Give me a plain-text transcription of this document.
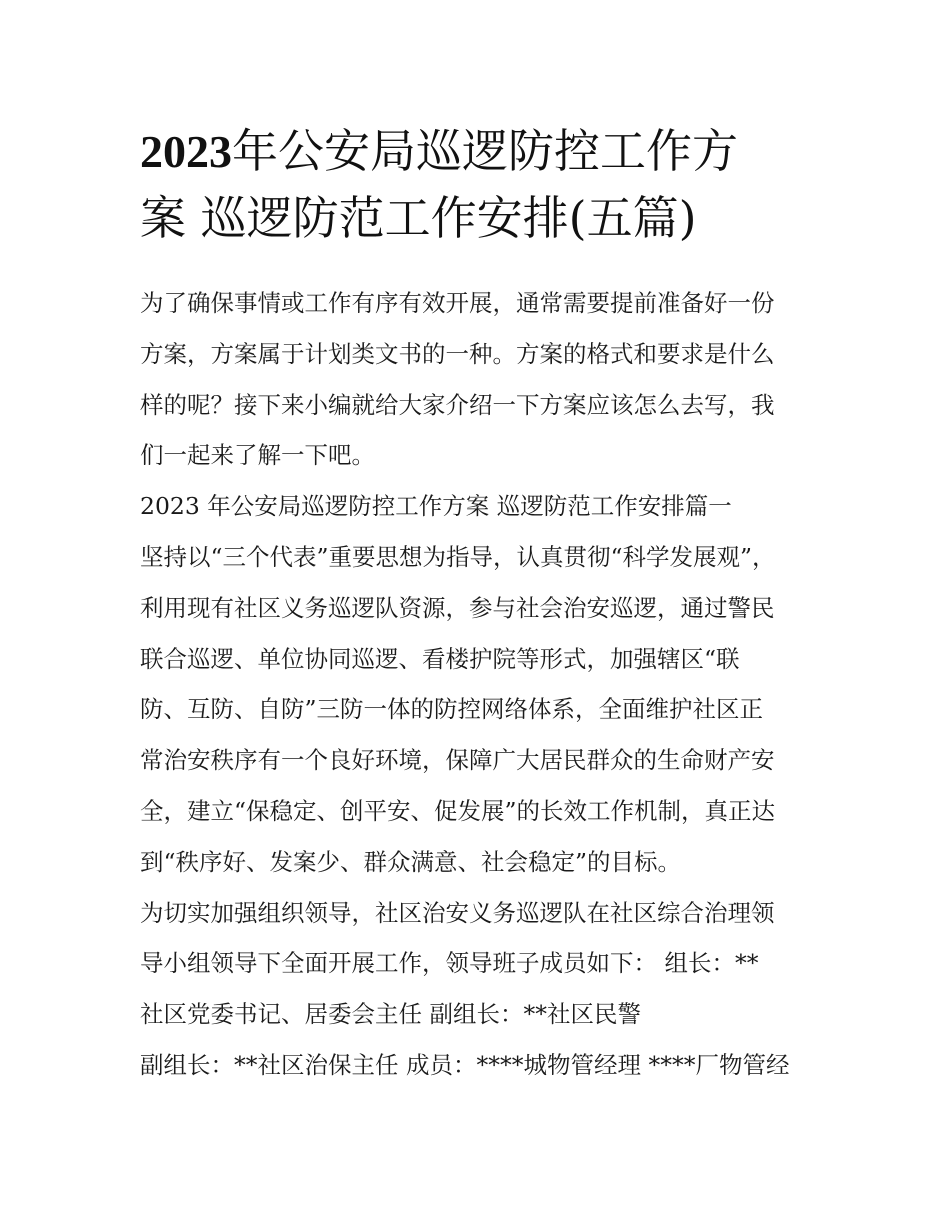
2023年公安局巡逻防控工作方
案 巡逻防范工作安排(五篇)
为了确保事情或工作有序有效开展，通常需要提前准备好一份
方案，方案属于计划类文书的一种。方案的格式和要求是什么
样的呢？接下来小编就给大家介绍一下方案应该怎么去写，我
们一起来了解一下吧。
2023 年公安局巡逻防控工作方案 巡逻防范工作安排篇一
坚持以“三个代表”重要思想为指导，认真贯彻“科学发展观”，
利用现有社区义务巡逻队资源，参与社会治安巡逻，通过警民
联合巡逻、单位协同巡逻、看楼护院等形式，加强辖区“联
防、互防、自防”三防一体的防控网络体系，全面维护社区正
常治安秩序有一个良好环境，保障广大居民群众的生命财产安
全，建立“保稳定、创平安、促发展”的长效工作机制，真正达
到“秩序好、发案少、群众满意、社会稳定”的目标。
为切实加强组织领导，社区治安义务巡逻队在社区综合治理领
导小组领导下全面开展工作，领导班子成员如下： 组长：**
社区党委书记、居委会主任 副组长：**社区民警
副组长：**社区治保主任 成员：****城物管经理 ****厂物管经
